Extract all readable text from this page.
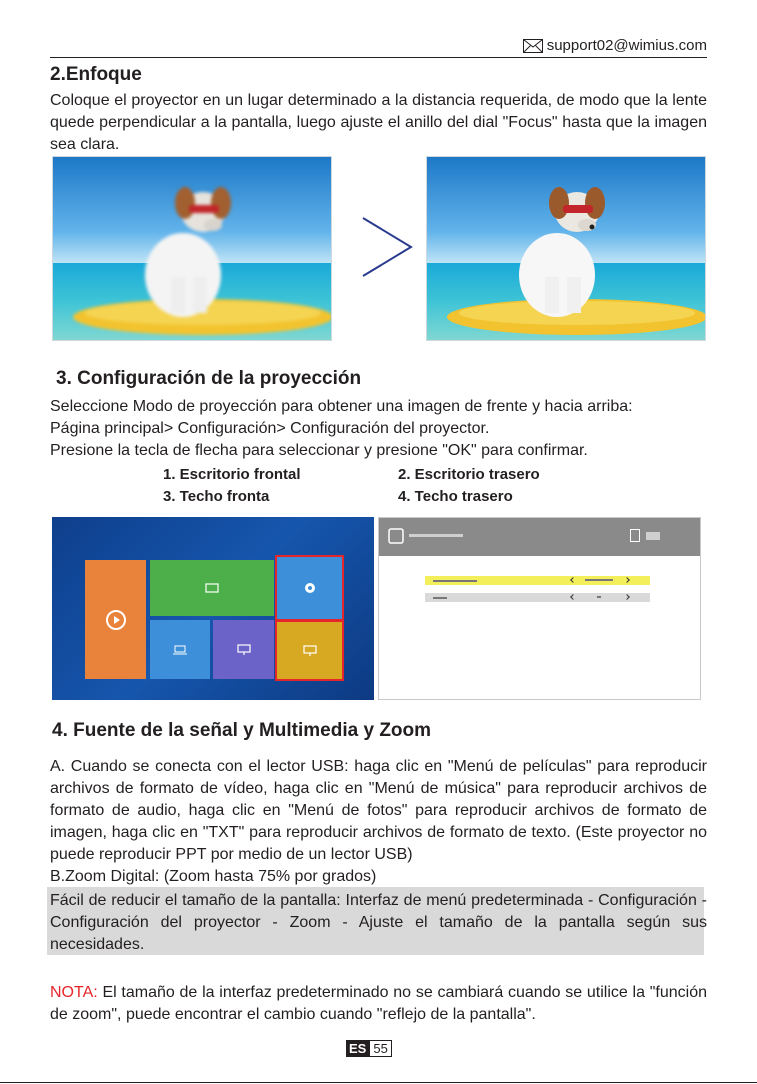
support02@wimius.com
2.Enfoque
Coloque el proyector en un lugar determinado a la distancia requerida, de modo que la lente quede perpendicular a la pantalla, luego ajuste el anillo del dial "Focus" hasta que la imagen sea clara.
3. Configuración de la proyección
Seleccione Modo de proyección para obtener una imagen de frente y hacia arriba:
Página principal> Configuración> Configuración del proyector.
Presione la tecla de flecha para seleccionar y presione "OK" para confirmar.
1. Escritorio frontal	2. Escritorio trasero
3. Techo fronta	4. Techo trasero
4. Fuente de la señal y Multimedia y Zoom
A. Cuando se conecta con el lector USB: haga clic en "Menú de películas" para reproducir archivos de formato de vídeo, haga clic en "Menú de música" para reproducir archivos de formato de audio, haga clic en "Menú de fotos" para reproducir archivos de formato de imagen, haga clic en "TXT" para reproducir archivos de formato de texto. (Este proyector no puede reproducir PPT por medio de un lector USB)
B.Zoom Digital: (Zoom hasta 75% por grados)
Fácil de reducir el tamaño de la pantalla: Interfaz de menú predeterminada - Configuración - Configuración del proyector - Zoom - Ajuste el tamaño de la pantalla según sus necesidades.
NOTA: El tamaño de la interfaz predeterminado no se cambiará cuando se utilice la "función de zoom", puede encontrar el cambio cuando "reflejo de la pantalla".
ES 55
